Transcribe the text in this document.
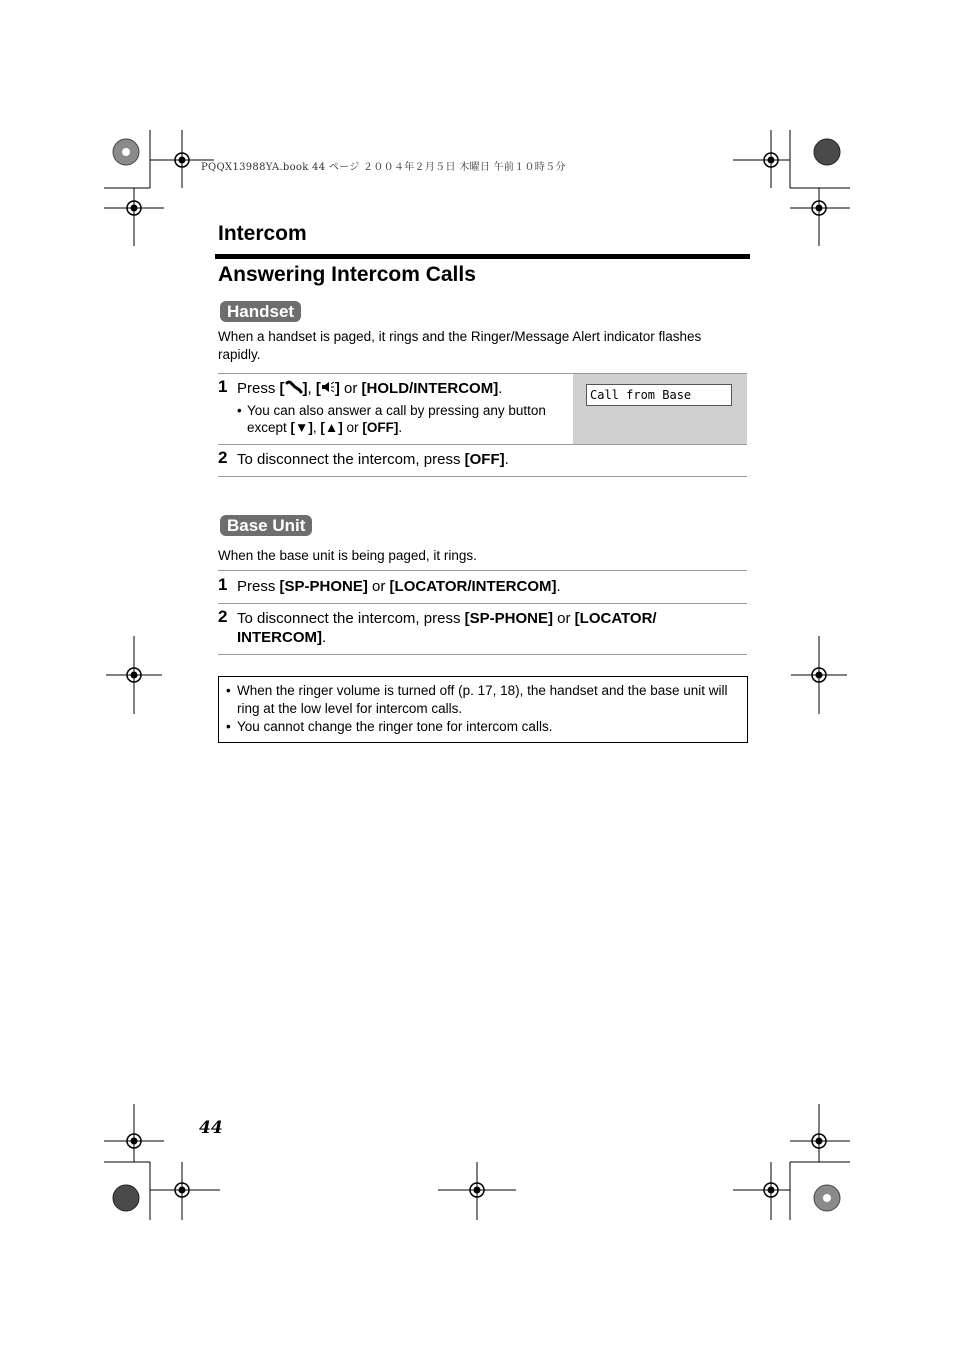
PQQX13988YA.book 44 ページ ２００４年２月５日 木曜日 午前１０時５分
Intercom
Answering Intercom Calls
Handset
When a handset is paged, it rings and the Ringer/Message Alert indicator flashes rapidly.
Call from Base
1 Press [ ], [ ] or [HOLD/INTERCOM].
• You can also answer a call by pressing any button except [▼], [▲] or [OFF].
2 To disconnect the intercom, press [OFF].
Base Unit
When the base unit is being paged, it rings.
1 Press [SP-PHONE] or [LOCATOR/INTERCOM].
2 To disconnect the intercom, press [SP-PHONE] or [LOCATOR/
INTERCOM].
• When the ringer volume is turned off (p. 17, 18), the handset and the base unit will ring at the low level for intercom calls.
• You cannot change the ringer tone for intercom calls.
44
